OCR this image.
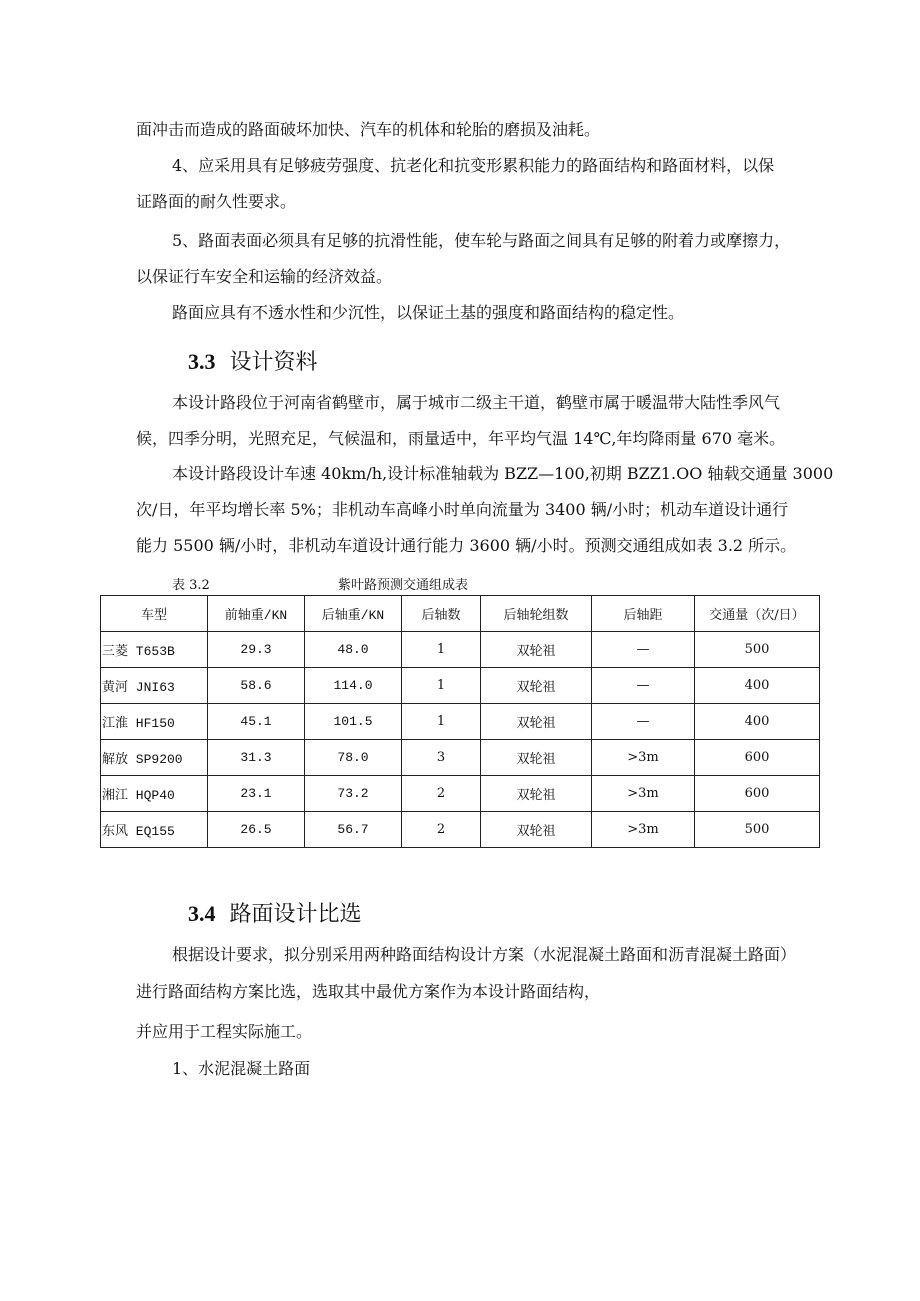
面冲击而造成的路面破坏加快、汽车的机体和轮胎的磨损及油耗。

4、应采用具有足够疲劳强度、抗老化和抗变形累积能力的路面结构和路面材料，以保

证路面的耐久性要求。

5、路面表面必须具有足够的抗滑性能，使车轮与路面之间具有足够的附着力或摩擦力，

以保证行车安全和运输的经济效益。

路面应具有不透水性和少沉性，以保证土基的强度和路面结构的稳定性。

3.3 设计资料

本设计路段位于河南省鹤壁市，属于城市二级主干道，鹤壁市属于暖温带大陆性季风气

候，四季分明，光照充足，气候温和，雨量适中，年平均气温 14℃,年均降雨量 670 毫米。

本设计路段设计车速 40km/h,设计标准轴载为 BZZ—100,初期 BZZ1.OO 轴载交通量 3000

次/日，年平均增长率 5%；非机动车高峰小时单向流量为 3400 辆/小时；机动车道设计通行

能力 5500 辆/小时，非机动车道设计通行能力 3600 辆/小时。预测交通组成如表 3.2 所示。

表 3.2	紫叶路预测交通组成表
车型	前轴重/KN	后轴重/KN	后轴数	后轴轮组数	后轴距	交通量（次/日）
三菱 T653B	29.3	48.0	1	双轮祖	—	500
黄河 JNI63	58.6	114.0	1	双轮祖	—	400
江淮 HF150	45.1	101.5	1	双轮祖	—	400
解放 SP9200	31.3	78.0	3	双轮祖	>3m	600
湘江 HQP40	23.1	73.2	2	双轮祖	>3m	600
东风 EQ155	26.5	56.7	2	双轮祖	>3m	500
3.4 路面设计比选

根据设计要求，拟分别采用两种路面结构设计方案（水泥混凝土路面和沥青混凝土路面）

进行路面结构方案比选，选取其中最优方案作为本设计路面结构，

并应用于工程实际施工。

1、水泥混凝土路面
